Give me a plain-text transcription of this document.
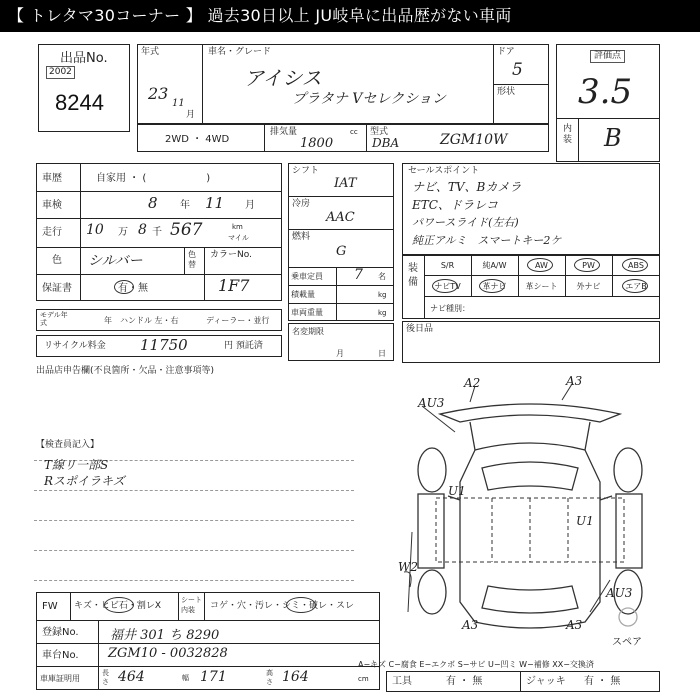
【 トレタマ30コーナー 】 過去30日以上 JU岐阜に出品歴がない車両
出品No.
2002
8244
年式
23
11
月
車名・グレード
アイシス
プラタナ Vセレクション
ドア
5
形状
評価点
3.5
内装 B
2WD ・ 4WD
排気量	cc
1800
型式
DBA	ZGM10W
車歴	自家用 ・ (　　　　　　)
車検	8 年 11 月
走行 10 万 8 千 567	km
マイル
色 シルバー	色替
カラーNo.
1F7
保証書	有・無
モデル年式	年 ハンドル 左・右	ディーラー・並行
リサイクル料金 11750	円 預託済
シフト
IAT
冷房
AAC
燃料
G
乗車定員 7 名
積載量	kg
車両重量	kg
名変期限
月	日
セールスポイント
ナビ、TV、Bカメラ
ETC、ドラレコ
パワースライド(左右)
純正アルミ　スマートキー2ケ
装備
S/R	純A/W	AW	PW	ABS
ナビTV	革ナビ	革シート	外ナビ	エアB
ナビ種別：
後日品
出品店申告欄(不良箇所・欠品・注意事項等)
【検査員記入】
T線リ一部S
Rスポイラキズ
A2	A3
AU3
U1
U1
W2
AU3
A3	A3
スペア
FW キズ・ヒビ石・割レX
シート内装	コゲ・穴・汚レ・シミ・破レ・スレ
登録No. 福井 301 ち 8290
車台No. ZGM10 - 0032828
車庫証明用
長さ 464	幅 171	高さ 164	cm
A−キズ C−腐食 E−エクボ S−サビ U−凹ミ W−補修 XX−交換済
工具	有 ・ 無	ジャッキ 有 ・ 無
